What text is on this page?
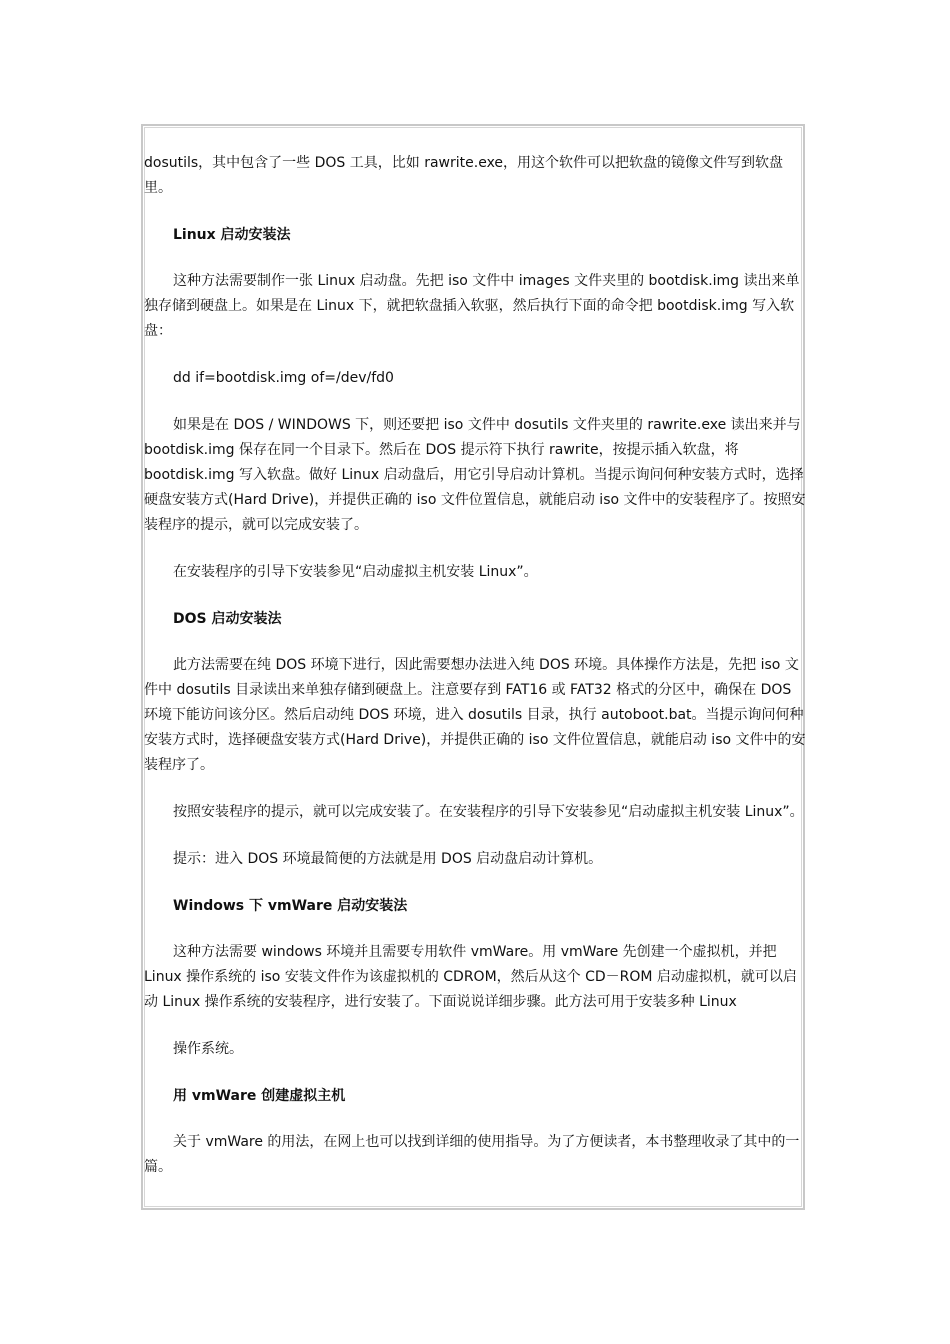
dosutils，其中包含了一些 DOS 工具，比如 rawrite.exe，用这个软件可以把软盘的镜像文件写到软盘里。

Linux 启动安装法

这种方法需要制作一张 Linux 启动盘。先把 iso 文件中 images 文件夹里的 bootdisk.img 读出来单独存储到硬盘上。如果是在 Linux 下，就把软盘插入软驱，然后执行下面的命令把 bootdisk.img 写入软盘：

dd if=bootdisk.img of=/dev/fd0

如果是在 DOS / WINDOWS 下，则还要把 iso 文件中 dosutils 文件夹里的 rawrite.exe 读出来并与 bootdisk.img 保存在同一个目录下。然后在 DOS 提示符下执行 rawrite，按提示插入软盘，将 bootdisk.img 写入软盘。做好 Linux 启动盘后，用它引导启动计算机。当提示询问何种安装方式时，选择硬盘安装方式(Hard Drive)，并提供正确的 iso 文件位置信息，就能启动 iso 文件中的安装程序了。按照安装程序的提示，就可以完成安装了。

在安装程序的引导下安装参见“启动虚拟主机安装 Linux”。

DOS 启动安装法

此方法需要在纯 DOS 环境下进行，因此需要想办法进入纯 DOS 环境。具体操作方法是，先把 iso 文件中 dosutils 目录读出来单独存储到硬盘上。注意要存到 FAT16 或 FAT32 格式的分区中，确保在 DOS 环境下能访问该分区。然后启动纯 DOS 环境，进入 dosutils 目录，执行 autoboot.bat。当提示询问何种安装方式时，选择硬盘安装方式(Hard Drive)，并提供正确的 iso 文件位置信息，就能启动 iso 文件中的安装程序了。

按照安装程序的提示，就可以完成安装了。在安装程序的引导下安装参见“启动虚拟主机安装 Linux”。

提示：进入 DOS 环境最简便的方法就是用 DOS 启动盘启动计算机。

Windows 下 vmWare 启动安装法

这种方法需要 windows 环境并且需要专用软件 vmWare。用 vmWare 先创建一个虚拟机，并把 Linux 操作系统的 iso 安装文件作为该虚拟机的 CDROM，然后从这个 CD－ROM 启动虚拟机，就可以启动 Linux 操作系统的安装程序，进行安装了。下面说说详细步骤。此方法可用于安装多种 Linux

操作系统。

用 vmWare 创建虚拟主机

关于 vmWare 的用法，在网上也可以找到详细的使用指导。为了方便读者，本书整理收录了其中的一篇。
